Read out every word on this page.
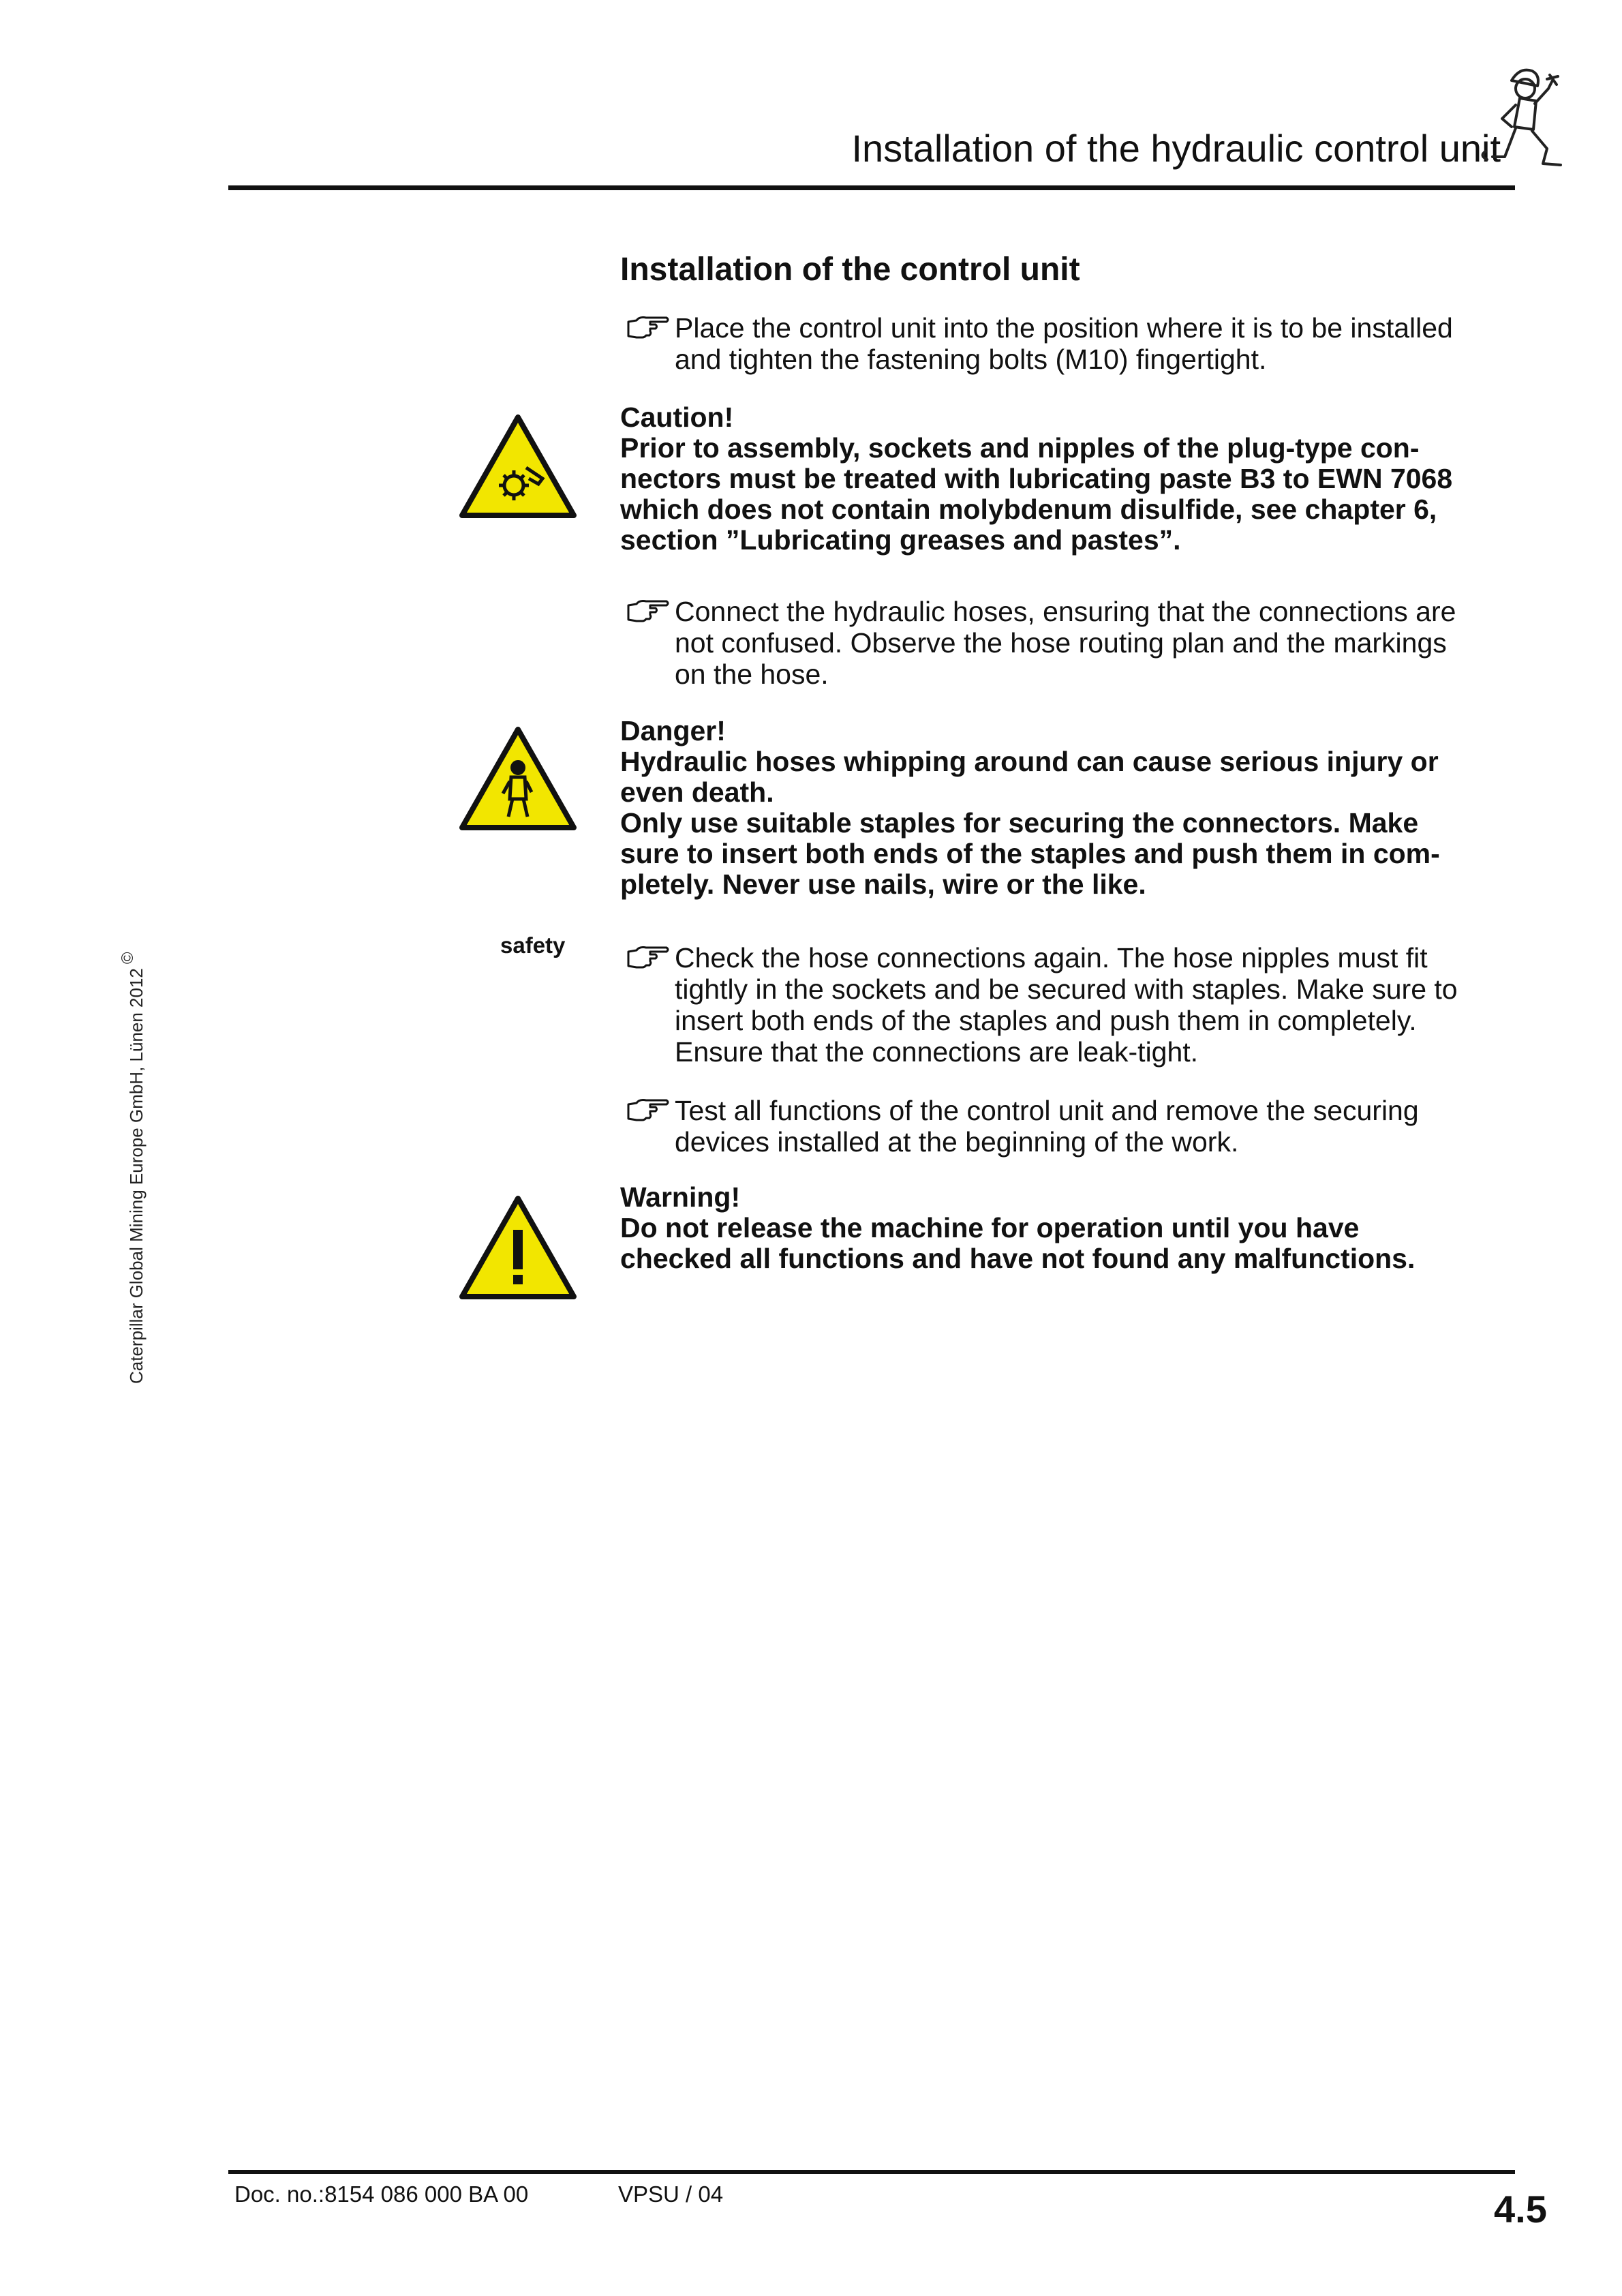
Installation of the hydraulic control unit
Caterpillar Global Mining Europe GmbH, Lünen 2012©
Installation of the control unit
Place the control unit into the position where it is to be installed
and tighten the fastening bolts (M10) fingertight.
Caution!
Prior to assembly, sockets and nipples of the plug-type con-
nectors must be treated with lubricating paste B3 to EWN 7068
which does not contain molybdenum disulfide, see chapter 6,
section ”Lubricating greases and pastes”.
Connect the hydraulic hoses, ensuring that the connections are
not confused. Observe the hose routing plan and the markings
on the hose.
Danger!
Hydraulic hoses whipping around can cause serious injury or
even death.
Only use suitable staples for securing the connectors. Make
sure to insert both ends of the staples and push them in com-
pletely. Never use nails, wire or the like.
safety	Check the hose connections again. The hose nipples must fit
tightly in the sockets and be secured with staples. Make sure to
insert both ends of the staples and push them in completely.
Ensure that the connections are leak-tight.
Test all functions of the control unit and remove the securing
devices installed at the beginning of the work.
Warning!
Do not release the machine for operation until you have
checked all functions and have not found any malfunctions.
Doc. no.:8154 086 000 BA 00	VPSU / 04	4.5
